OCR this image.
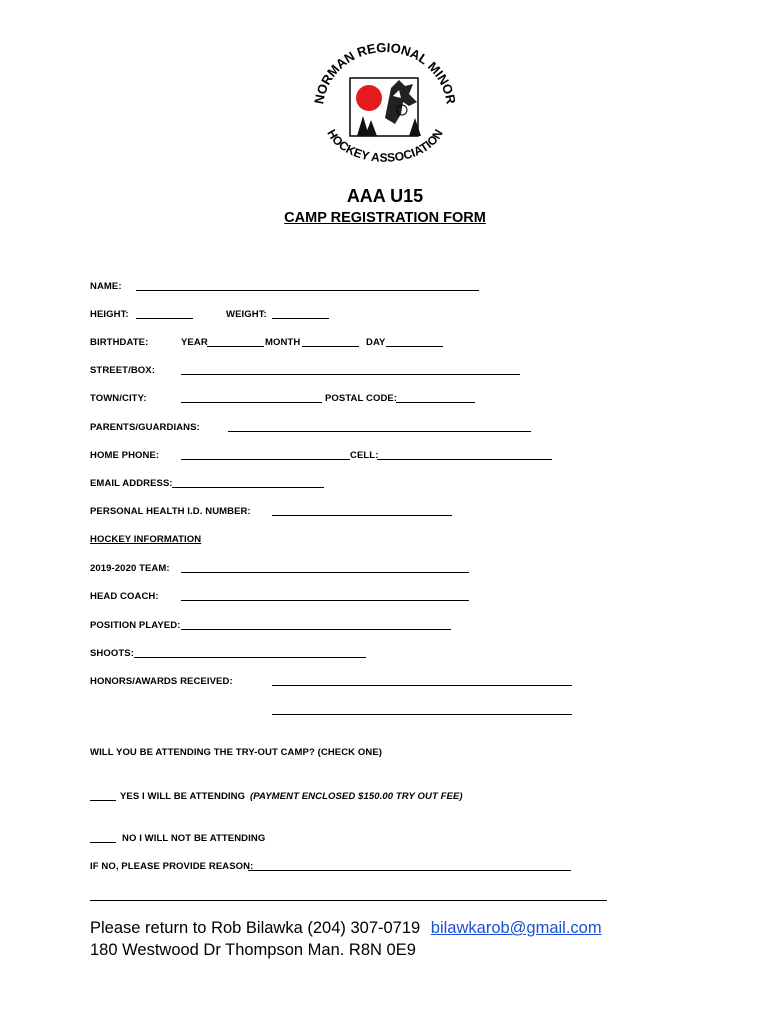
NORMAN REGIONAL MINOR
HOCKEY ASSOCIATION
AAA U15
CAMP REGISTRATION FORM
NAME:
HEIGHT:	WEIGHT:
BIRTHDATE:	YEAR	MONTH	DAY
STREET/BOX:
TOWN/CITY:	POSTAL CODE:
PARENTS/GUARDIANS:
HOME PHONE:	CELL:
EMAIL ADDRESS:
PERSONAL HEALTH I.D. NUMBER:
HOCKEY INFORMATION
2019-2020 TEAM:
HEAD COACH:
POSITION PLAYED:
SHOOTS:
HONORS/AWARDS RECEIVED:
WILL YOU BE ATTENDING THE TRY-OUT CAMP? (CHECK ONE)
YES I WILL BE ATTENDING (PAYMENT ENCLOSED $150.00 TRY OUT FEE)
NO I WILL NOT BE ATTENDING
IF NO, PLEASE PROVIDE REASON:
Please return to Rob Bilawka (204) 307-0719 bilawkarob@gmail.com
180 Westwood Dr Thompson Man. R8N 0E9
